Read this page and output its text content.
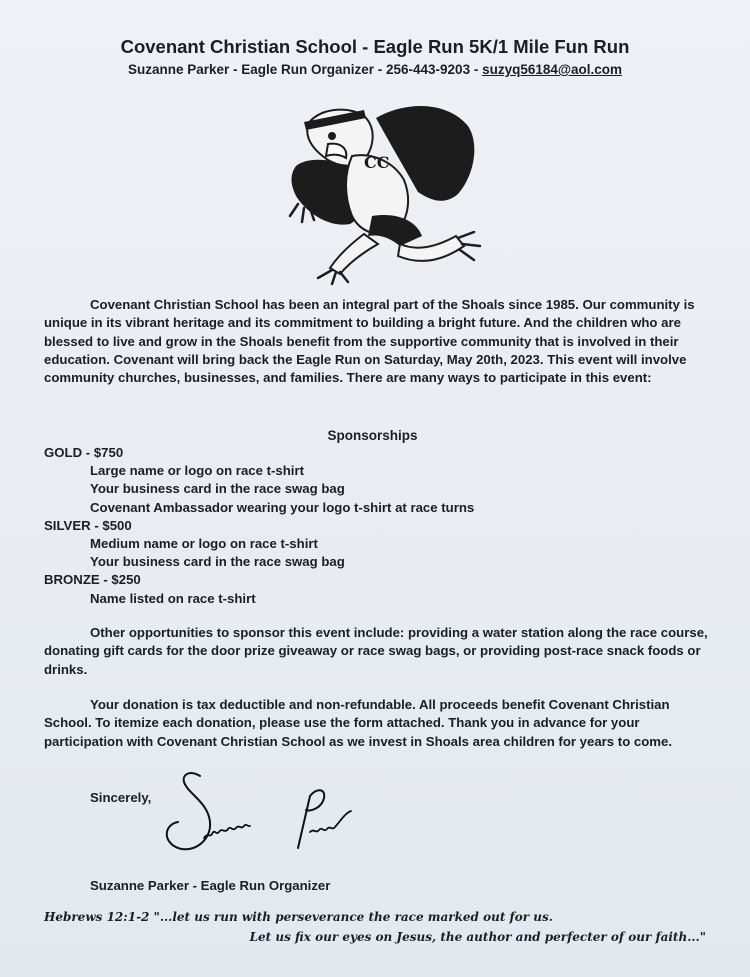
Covenant Christian School - Eagle Run 5K/1 Mile Fun Run

Suzanne Parker - Eagle Run Organizer - 256-443-9203 - suzyq56184@aol.com

CC

Covenant Christian School has been an integral part of the Shoals since 1985. Our community is unique in its vibrant heritage and its commitment to building a bright future. And the children who are blessed to live and grow in the Shoals benefit from the supportive community that is involved in their education. Covenant will bring back the Eagle Run on Saturday, May 20th, 2023. This event will involve community churches, businesses, and families. There are many ways to participate in this event:

Sponsorships

GOLD - $750

Large name or logo on race t-shirt

Your business card in the race swag bag

Covenant Ambassador wearing your logo t-shirt at race turns

SILVER - $500

Medium name or logo on race t-shirt

Your business card in the race swag bag

BRONZE - $250

Name listed on race t-shirt

Other opportunities to sponsor this event include: providing a water station along the race course, donating gift cards for the door prize giveaway or race swag bags, or providing post-race snack foods or drinks.

Your donation is tax deductible and non-refundable. All proceeds benefit Covenant Christian School. To itemize each donation, please use the form attached. Thank you in advance for your participation with Covenant Christian School as we invest in Shoals area children for years to come.

Sincerely,

Suzanne Parker - Eagle Run Organizer

Hebrews 12:1-2 "...let us run with perseverance the race marked out for us.

Let us fix our eyes on Jesus, the author and perfecter of our faith..."
